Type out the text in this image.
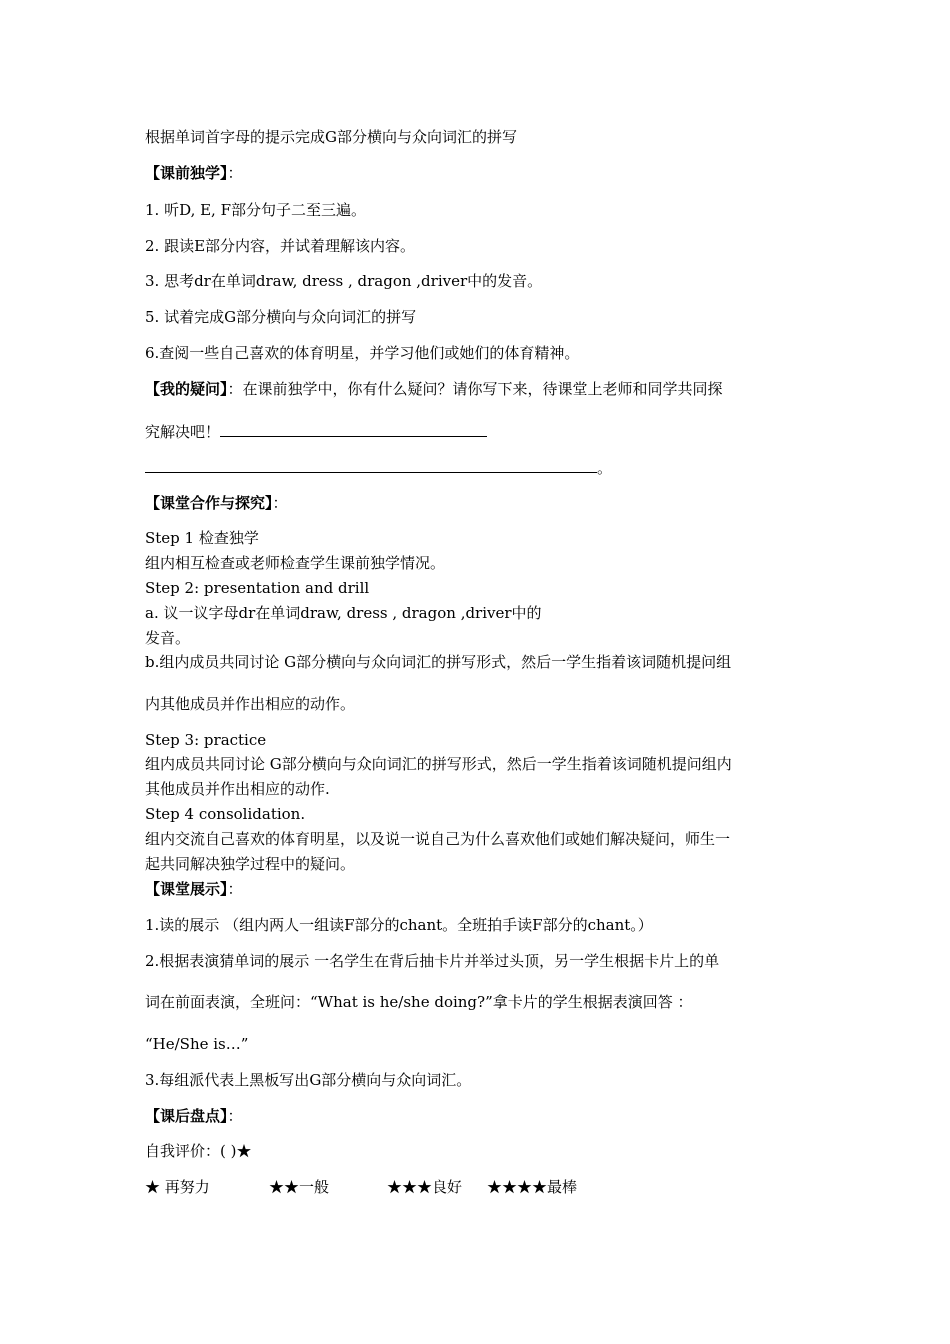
根据单词首字母的提示完成G部分横向与众向词汇的拼写
【课前独学】：
1. 听D, E, F部分句子二至三遍。
2. 跟读E部分内容，并试着理解该内容。
3. 思考dr在单词draw, dress , dragon ,driver中的发音。
5. 试着完成G部分横向与众向词汇的拼写
6.查阅一些自己喜欢的体育明星，并学习他们或她们的体育精神。
【我的疑问】：在课前独学中，你有什么疑问？请你写下来，待课堂上老师和同学共同探
究解决吧！
。
【课堂合作与探究】：
Step 1 检查独学
组内相互检查或老师检查学生课前独学情况。
Step 2: presentation and drill
a. 议一议字母dr在单词draw, dress , dragon ,driver中的
发音。
b.组内成员共同讨论 G部分横向与众向词汇的拼写形式，然后一学生指着该词随机提问组
内其他成员并作出相应的动作。
Step 3: practice
组内成员共同讨论 G部分横向与众向词汇的拼写形式，然后一学生指着该词随机提问组内
其他成员并作出相应的动作.
Step 4 consolidation.
组内交流自己喜欢的体育明星，以及说一说自己为什么喜欢他们或她们解决疑问，师生一
起共同解决独学过程中的疑问。
【课堂展示】：
1.读的展示 （组内两人一组读F部分的chant。全班拍手读F部分的chant。）
2.根据表演猜单词的展示 一名学生在背后抽卡片并举过头顶，另一学生根据卡片上的单
词在前面表演，全班问：“What is he/she doing?”拿卡片的学生根据表演回答 ：
“He/She is…”
3.每组派代表上黑板写出G部分横向与众向词汇。
【课后盘点】：
自我评价：( )★
★ 再努力	★★一般	★★★良好 ★★★★最棒
